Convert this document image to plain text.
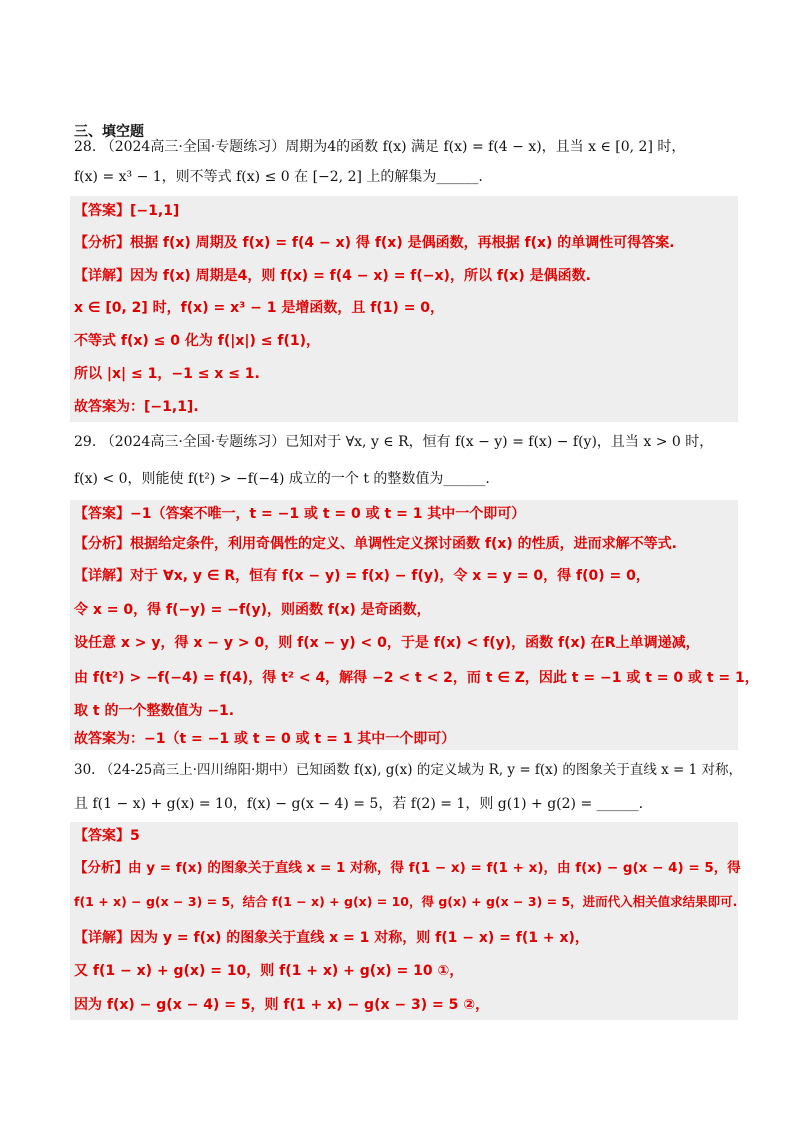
三、填空题
28. （2024高三·全国·专题练习）周期为4的函数 f(x) 满足 f(x) = f(4 − x)，且当 x ∈ [0, 2] 时，
f(x) = x³ − 1，则不等式 f(x) ≤ 0 在 [−2, 2] 上的解集为______.
【答案】[−1,1]
【分析】根据 f(x) 周期及 f(x) = f(4 − x) 得 f(x) 是偶函数，再根据 f(x) 的单调性可得答案.
【详解】因为 f(x) 周期是4，则 f(x) = f(4 − x) = f(−x)，所以 f(x) 是偶函数.
x ∈ [0, 2] 时，f(x) = x³ − 1 是增函数，且 f(1) = 0，
不等式 f(x) ≤ 0 化为 f(|x|) ≤ f(1)，
所以 |x| ≤ 1，−1 ≤ x ≤ 1.
故答案为：[−1,1].
29. （2024高三·全国·专题练习）已知对于 ∀x, y ∈ R，恒有 f(x − y) = f(x) − f(y)，且当 x > 0 时，
f(x) < 0，则能使 f(t²) > −f(−4) 成立的一个 t 的整数值为______.
【答案】−1（答案不唯一，t = −1 或 t = 0 或 t = 1 其中一个即可）
【分析】根据给定条件，利用奇偶性的定义、单调性定义探讨函数 f(x) 的性质，进而求解不等式.
【详解】对于 ∀x, y ∈ R，恒有 f(x − y) = f(x) − f(y)，令 x = y = 0，得 f(0) = 0，
令 x = 0，得 f(−y) = −f(y)，则函数 f(x) 是奇函数，
设任意 x > y，得 x − y > 0，则 f(x − y) < 0，于是 f(x) < f(y)，函数 f(x) 在R上单调递减，
由 f(t²) > −f(−4) = f(4)，得 t² < 4，解得 −2 < t < 2，而 t ∈ Z，因此 t = −1 或 t = 0 或 t = 1，
取 t 的一个整数值为 −1.
故答案为：−1（t = −1 或 t = 0 或 t = 1 其中一个即可）
30. （24-25高三上·四川绵阳·期中）已知函数 f(x), g(x) 的定义域为 R, y = f(x) 的图象关于直线 x = 1 对称，
且 f(1 − x) + g(x) = 10，f(x) − g(x − 4) = 5，若 f(2) = 1，则 g(1) + g(2) = ______.
【答案】5
【分析】由 y = f(x) 的图象关于直线 x = 1 对称，得 f(1 − x) = f(1 + x)，由 f(x) − g(x − 4) = 5，得
f(1 + x) − g(x − 3) = 5，结合 f(1 − x) + g(x) = 10，得 g(x) + g(x − 3) = 5，进而代入相关值求结果即可.
【详解】因为 y = f(x) 的图象关于直线 x = 1 对称，则 f(1 − x) = f(1 + x)，
又 f(1 − x) + g(x) = 10，则 f(1 + x) + g(x) = 10 ①，
因为 f(x) − g(x − 4) = 5，则 f(1 + x) − g(x − 3) = 5 ②，
